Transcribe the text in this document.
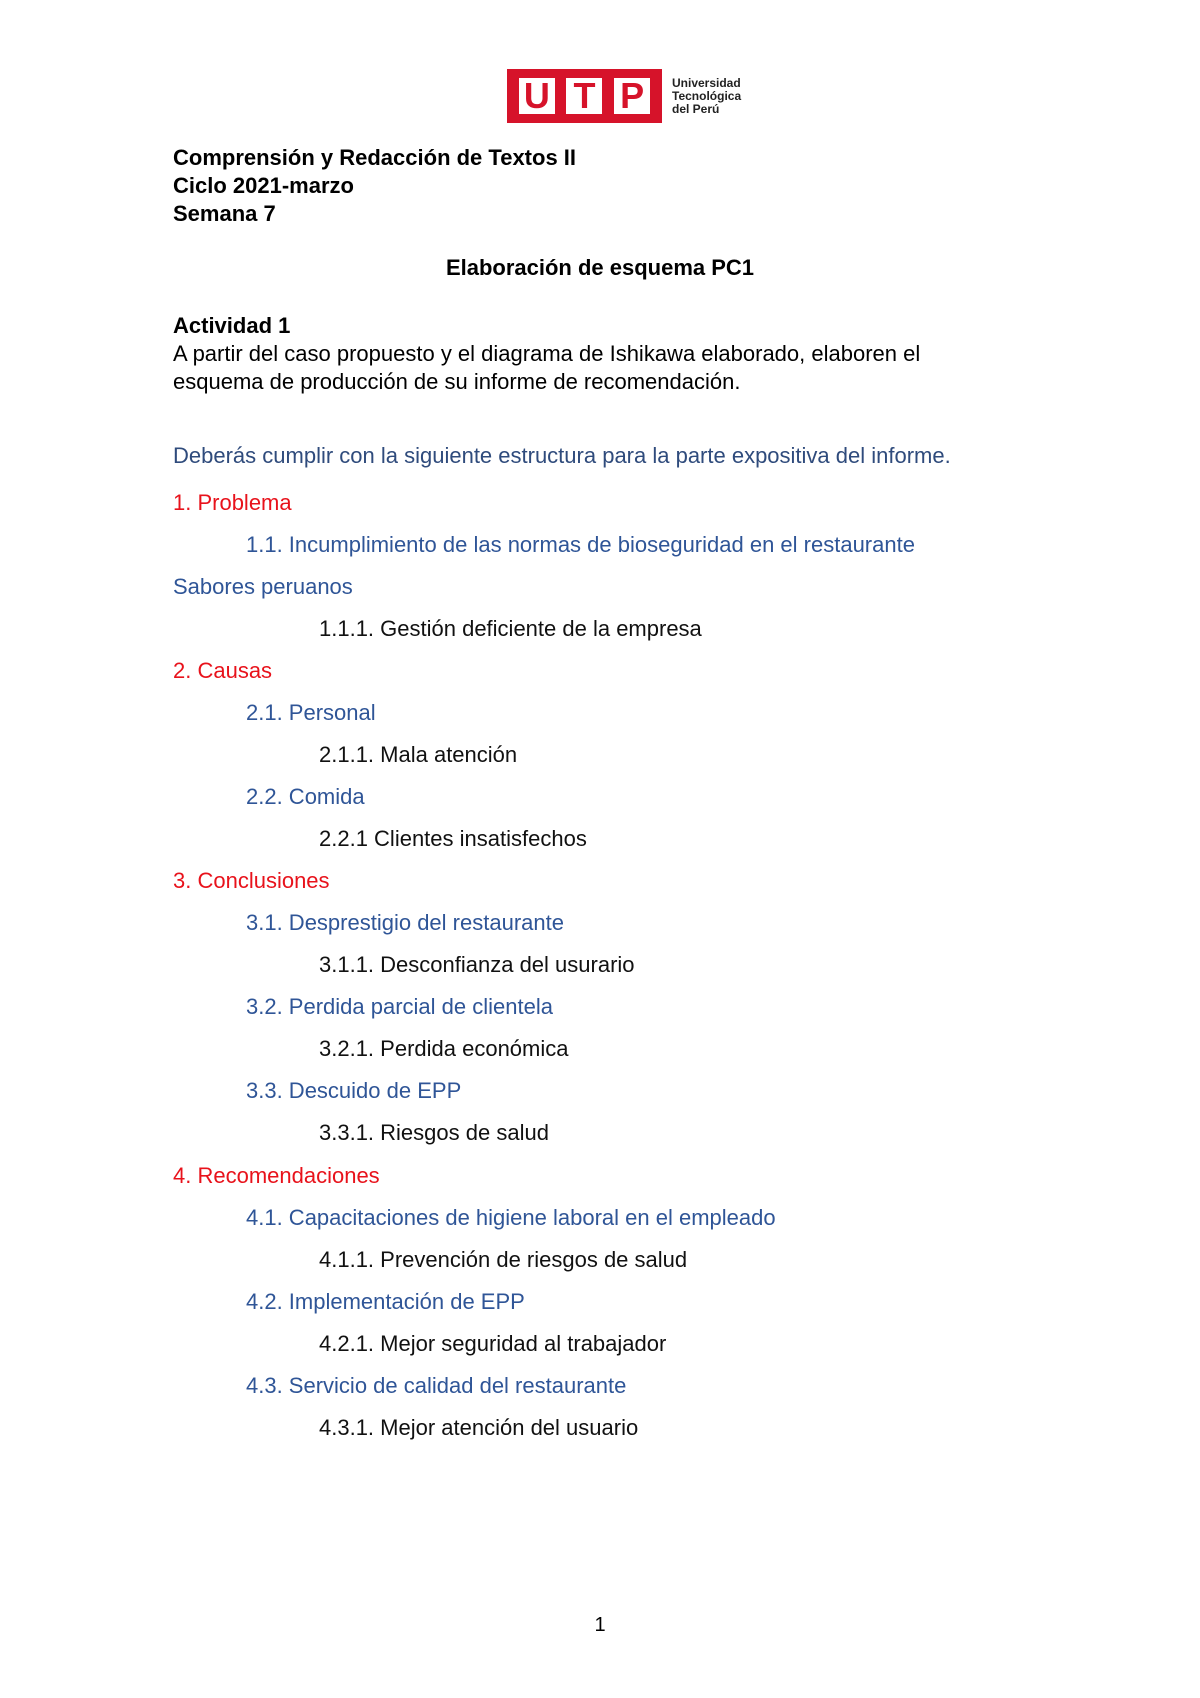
U T P Universidad
Tecnológica
del Perú
Comprensión y Redacción de Textos II
Ciclo 2021-marzo
Semana 7
Elaboración de esquema PC1
Actividad 1
A partir del caso propuesto y el diagrama de Ishikawa elaborado, elaboren el
esquema de producción de su informe de recomendación.
Deberás cumplir con la siguiente estructura para la parte expositiva del informe.
1. Problema
1.1. Incumplimiento de las normas de bioseguridad en el restaurante
Sabores peruanos
1.1.1. Gestión deficiente de la empresa
2. Causas
2.1. Personal
2.1.1. Mala atención
2.2. Comida
2.2.1 Clientes insatisfechos
3. Conclusiones
3.1. Desprestigio del restaurante
3.1.1. Desconfianza del usurario
3.2. Perdida parcial de clientela
3.2.1. Perdida económica
3.3. Descuido de EPP
3.3.1. Riesgos de salud
4. Recomendaciones
4.1. Capacitaciones de higiene laboral en el empleado
4.1.1. Prevención de riesgos de salud
4.2. Implementación de EPP
4.2.1. Mejor seguridad al trabajador
4.3. Servicio de calidad del restaurante
4.3.1. Mejor atención del usuario
1
